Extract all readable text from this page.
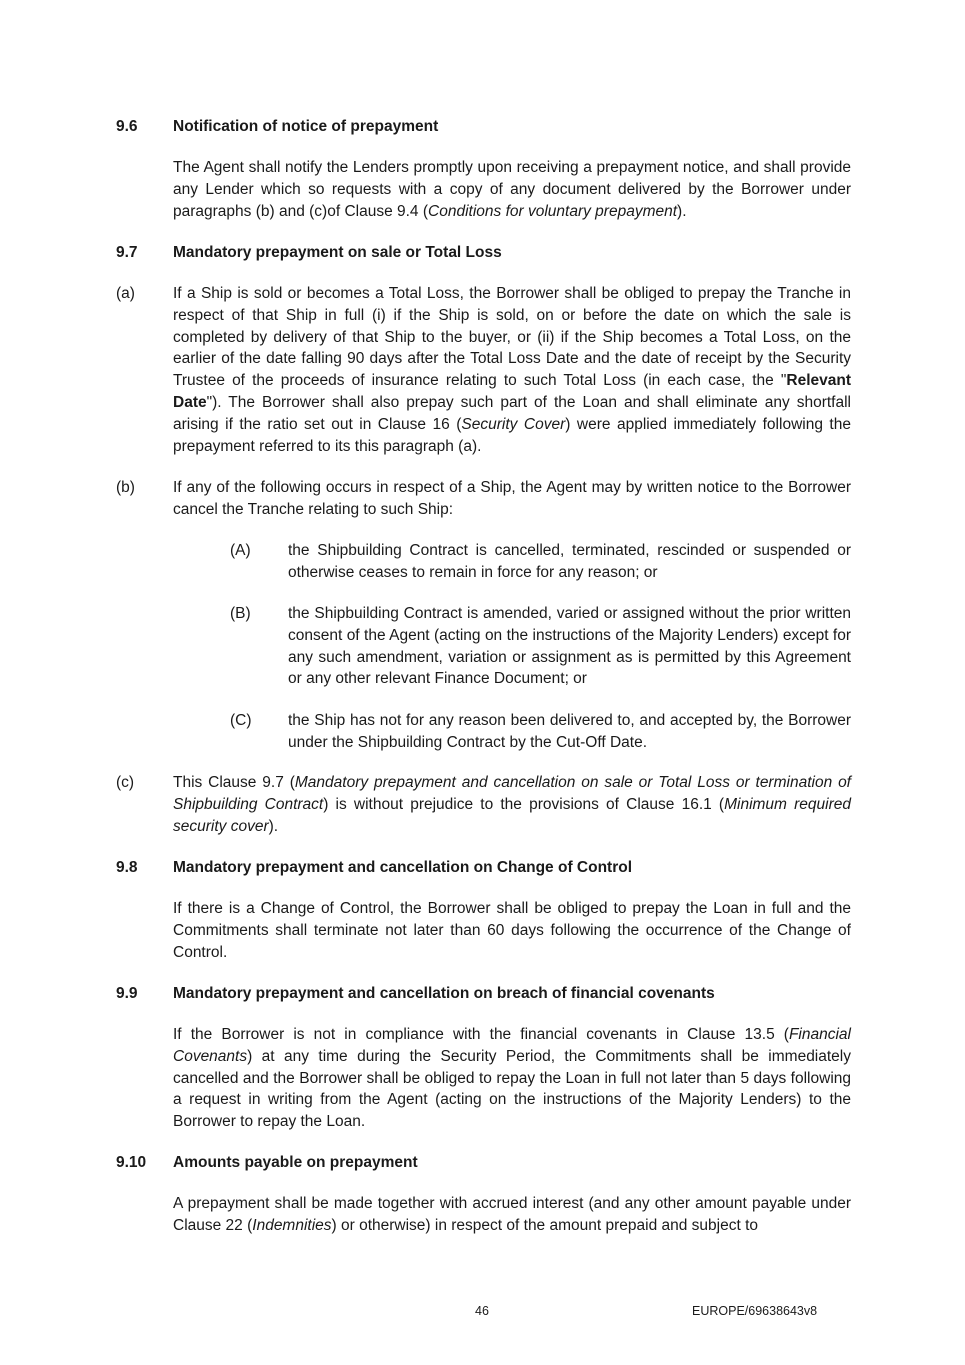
9.6 Notification of notice of prepayment

The Agent shall notify the Lenders promptly upon receiving a prepayment notice, and shall provide any Lender which so requests with a copy of any document delivered by the Borrower under paragraphs (b) and (c)of Clause 9.4 (Conditions for voluntary prepayment).

9.7 Mandatory prepayment on sale or Total Loss
(a) If a Ship is sold or becomes a Total Loss, the Borrower shall be obliged to prepay the Tranche in respect of that Ship in full (i) if the Ship is sold, on or before the date on which the sale is completed by delivery of that Ship to the buyer, or (ii) if the Ship becomes a Total Loss, on the earlier of the date falling 90 days after the Total Loss Date and the date of receipt by the Security Trustee of the proceeds of insurance relating to such Total Loss (in each case, the "Relevant Date"). The Borrower shall also prepay such part of the Loan and shall eliminate any shortfall arising if the ratio set out in Clause 16 (Security Cover) were applied immediately following the prepayment referred to its this paragraph (a).

(b) If any of the following occurs in respect of a Ship, the Agent may by written notice to the Borrower cancel the Tranche relating to such Ship:

(A) the Shipbuilding Contract is cancelled, terminated, rescinded or suspended or otherwise ceases to remain in force for any reason; or

(B) the Shipbuilding Contract is amended, varied or assigned without the prior written consent of the Agent (acting on the instructions of the Majority Lenders) except for any such amendment, variation or assignment as is permitted by this Agreement or any other relevant Finance Document; or

(C) the Ship has not for any reason been delivered to, and accepted by, the Borrower under the Shipbuilding Contract by the Cut-Off Date.

(c)	This Clause 9.7 (Mandatory prepayment and cancellation on sale or Total Loss or termination of Shipbuilding Contract) is without prejudice to the provisions of Clause 16.1 (Minimum required security cover).

9.8 Mandatory prepayment and cancellation on Change of Control

If there is a Change of Control, the Borrower shall be obliged to prepay the Loan in full and the Commitments shall terminate not later than 60 days following the occurrence of the Change of Control.

9.9 Mandatory prepayment and cancellation on breach of financial covenants

If the Borrower is not in compliance with the financial covenants in Clause 13.5 (Financial Covenants) at any time during the Security Period, the Commitments shall be immediately cancelled and the Borrower shall be obliged to repay the Loan in full not later than 5 days following a request in writing from the Agent (acting on the instructions of the Majority Lenders) to the Borrower to repay the Loan.

9.10 Amounts payable on prepayment

A prepayment shall be made together with accrued interest (and any other amount payable under Clause 22 (Indemnities) or otherwise) in respect of the amount prepaid and subject to

46	EUROPE/69638643v8
